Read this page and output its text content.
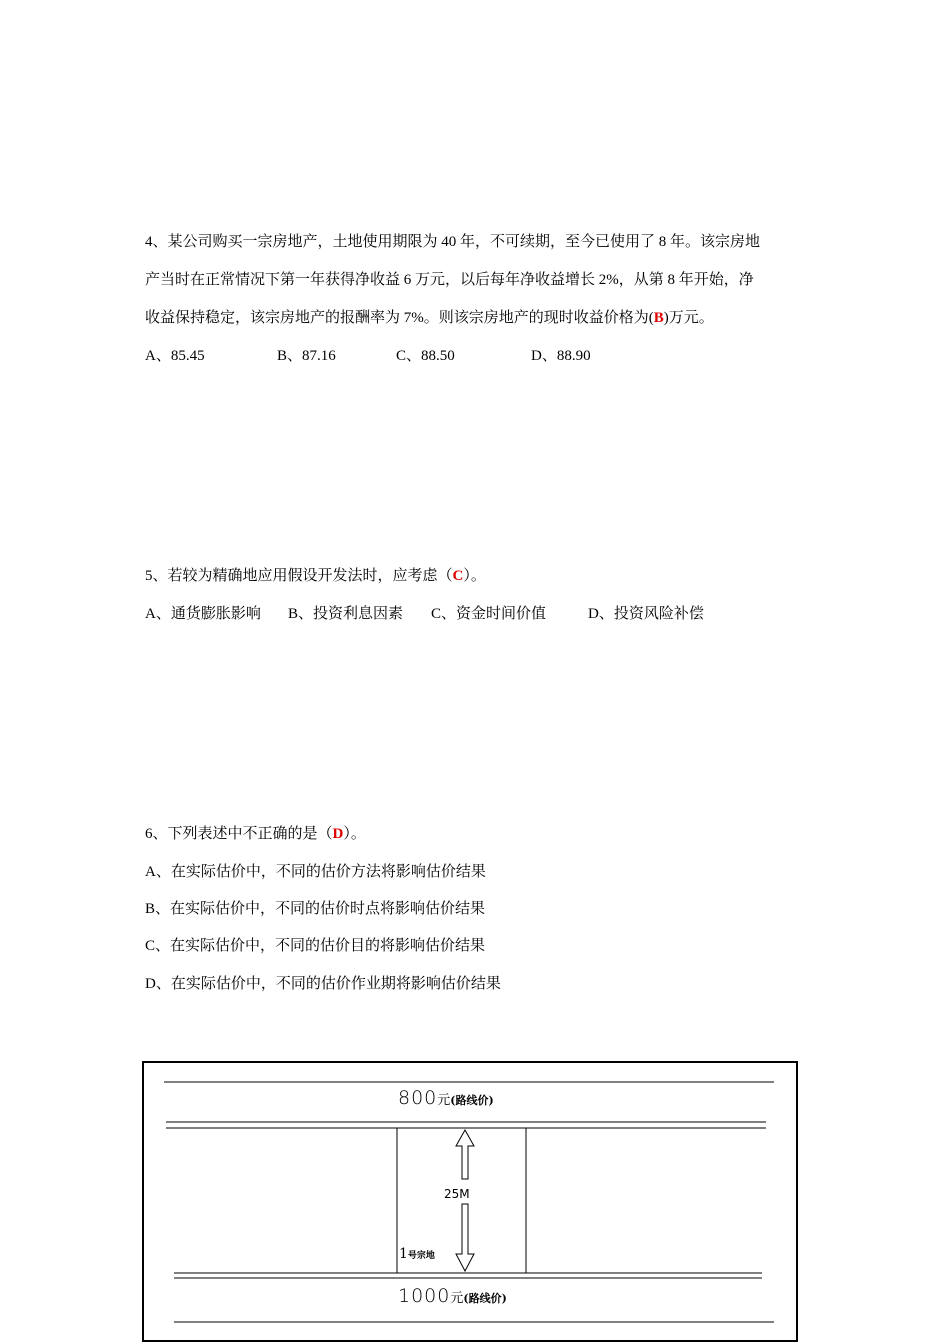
4、某公司购买一宗房地产，土地使用期限为 40 年，不可续期，至今已使用了 8 年。该宗房地
产当时在正常情况下第一年获得净收益 6 万元，以后每年净收益增长 2%，从第 8 年开始，净
收益保持稳定，该宗房地产的报酬率为 7%。则该宗房地产的现时收益价格为(B)万元。
A、85.45	B、87.16	C、88.50	D、88.90
5、若较为精确地应用假设开发法时，应考虑（C）。
A、通货膨胀影响 B、投资利息因素 C、资金时间价值	D、投资风险补偿
6、下列表述中不正确的是（D）。
A、在实际估价中，不同的估价方法将影响估价结果
B、在实际估价中，不同的估价时点将影响估价结果
C、在实际估价中，不同的估价目的将影响估价结果
D、在实际估价中，不同的估价作业期将影响估价结果
800元(路线价)
25M
1号宗地
1000元(路线价)
